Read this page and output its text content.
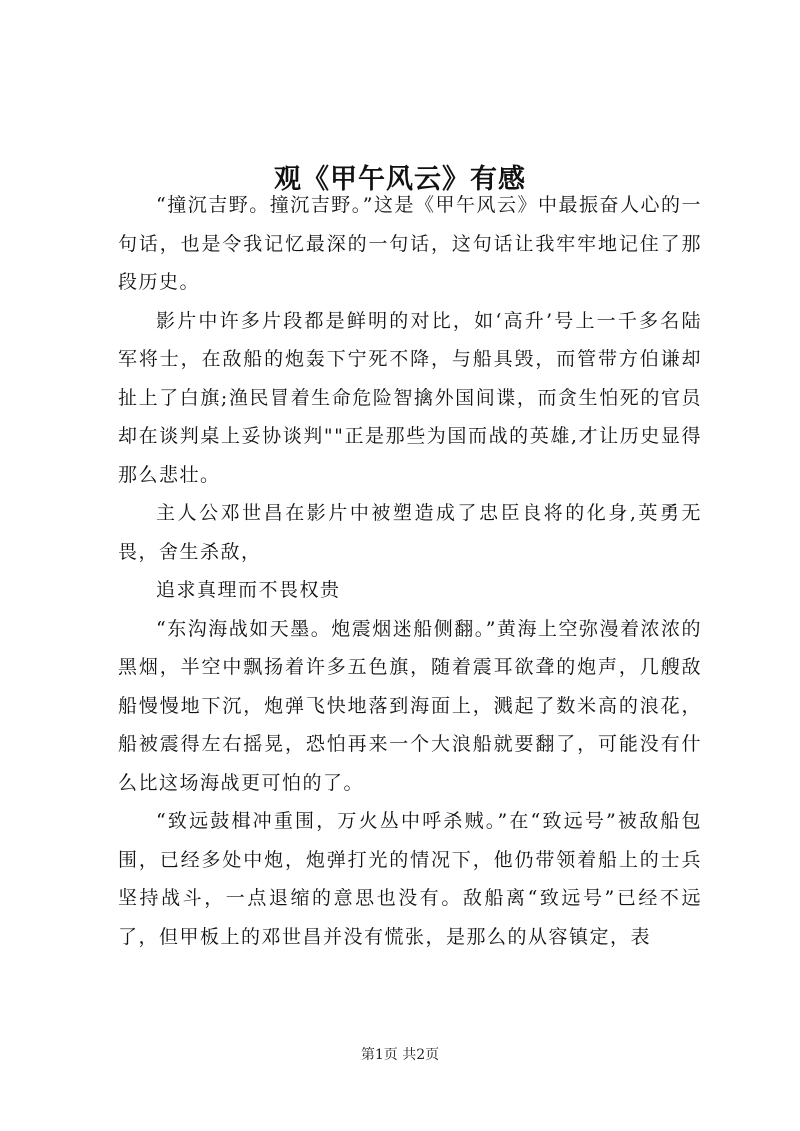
观《甲午风云》有感

“撞沉吉野。撞沉吉野。”这是《甲午风云》中最振奋人心的一句话，也是令我记忆最深的一句话，这句话让我牢牢地记住了那段历史。

影片中许多片段都是鲜明的对比，如‘高升’号上一千多名陆军将士，在敌船的炮轰下宁死不降，与船具毁，而管带方伯谦却扯上了白旗;渔民冒着生命危险智擒外国间谍，而贪生怕死的官员却在谈判桌上妥协谈判""正是那些为国而战的英雄,才让历史显得那么悲壮。

主人公邓世昌在影片中被塑造成了忠臣良将的化身,英勇无畏，舍生杀敌，

追求真理而不畏权贵

“东沟海战如天墨。炮震烟迷船侧翻。”黄海上空弥漫着浓浓的黑烟，半空中飘扬着许多五色旗，随着震耳欲聋的炮声，几艘敌船慢慢地下沉，炮弹飞快地落到海面上，溅起了数米高的浪花，船被震得左右摇晃，恐怕再来一个大浪船就要翻了，可能没有什么比这场海战更可怕的了。

“致远鼓楫冲重围，万火丛中呼杀贼。”在“致远号”被敌船包围，已经多处中炮，炮弹打光的情况下，他仍带领着船上的士兵坚持战斗，一点退缩的意思也没有。敌船离“致远号”已经不远了，但甲板上的邓世昌并没有慌张，是那么的从容镇定，表

第1页 共2页
